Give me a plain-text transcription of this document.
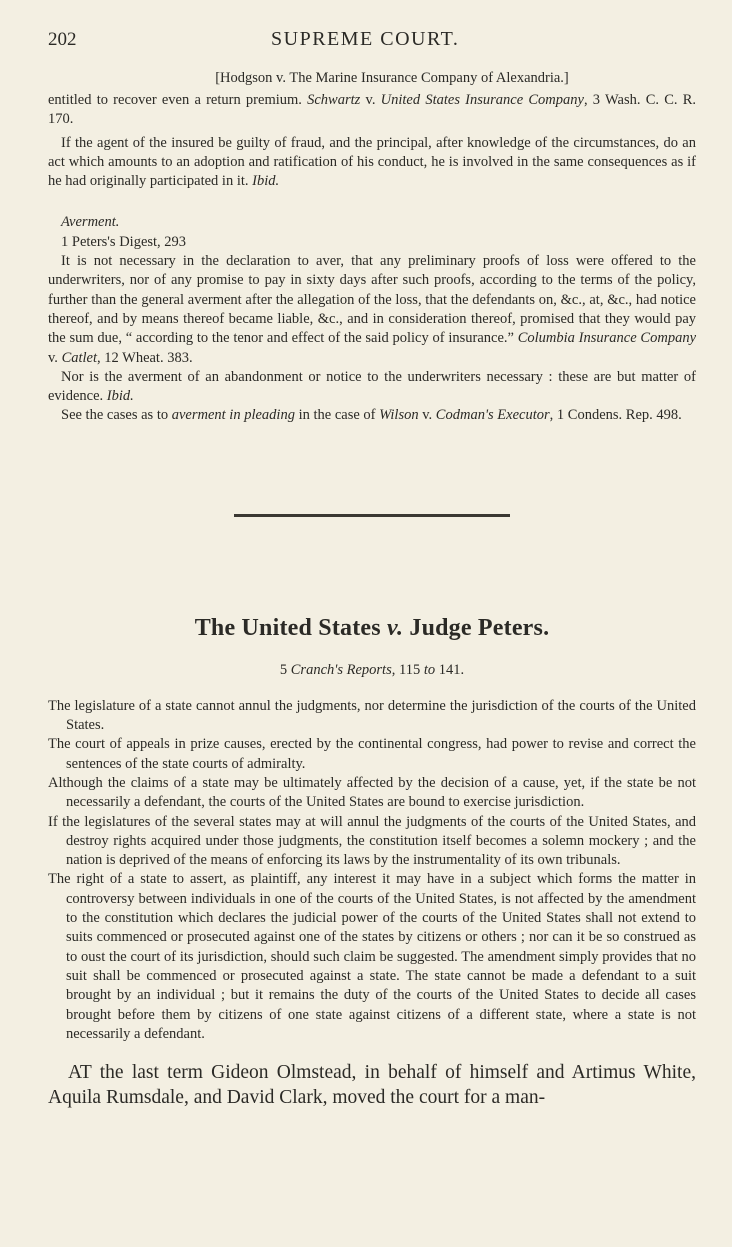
202	SUPREME COURT.
[Hodgson v. The Marine Insurance Company of Alexandria.]

entitled to recover even a return premium. Schwartz v. United States Insurance Company, 3 Wash. C. C. R. 170.

If the agent of the insured be guilty of fraud, and the principal, after knowledge of the circumstances, do an act which amounts to an adoption and ratification of his conduct, he is involved in the same consequences as if he had originally participated in it. Ibid.

Averment.
1 Peters's Digest, 293

It is not necessary in the declaration to aver, that any preliminary proofs of loss were offered to the underwriters, nor of any promise to pay in sixty days after such proofs, according to the terms of the policy, further than the general averment after the allegation of the loss, that the defendants on, &c., at, &c., had notice thereof, and by means thereof became liable, &c., and in consideration thereof, promised that they would pay the sum due, “ according to the tenor and effect of the said policy of insurance.” Columbia Insurance Company v. Catlet, 12 Wheat. 383.

Nor is the averment of an abandonment or notice to the underwriters necessary : these are but matter of evidence. Ibid.

See the cases as to averment in pleading in the case of Wilson v. Codman's Executor, 1 Condens. Rep. 498.

The United States v. Judge Peters.
5 Cranch's Reports, 115 to 141.

The legislature of a state cannot annul the judgments, nor determine the jurisdiction of the courts of the United States.

The court of appeals in prize causes, erected by the continental congress, had power to revise and correct the sentences of the state courts of admiralty.

Although the claims of a state may be ultimately affected by the decision of a cause, yet, if the state be not necessarily a defendant, the courts of the United States are bound to exercise jurisdiction.

If the legislatures of the several states may at will annul the judgments of the courts of the United States, and destroy rights acquired under those judgments, the constitution itself becomes a solemn mockery ; and the nation is deprived of the means of enforcing its laws by the instrumentality of its own tribunals.

The right of a state to assert, as plaintiff, any interest it may have in a subject which forms the matter in controversy between individuals in one of the courts of the United States, is not affected by the amendment to the constitution which declares the judicial power of the courts of the United States shall not extend to suits commenced or prosecuted against one of the states by citizens or others ; nor can it be so construed as to oust the court of its jurisdiction, should such claim be suggested. The amendment simply provides that no suit shall be commenced or prosecuted against a state. The state cannot be made a defendant to a suit brought by an individual ; but it remains the duty of the courts of the United States to decide all cases brought before them by citizens of one state against citizens of a different state, where a state is not necessarily a defendant.

AT the last term Gideon Olmstead, in behalf of himself and Artimus White, Aquila Rumsdale, and David Clark, moved the court for a man-
